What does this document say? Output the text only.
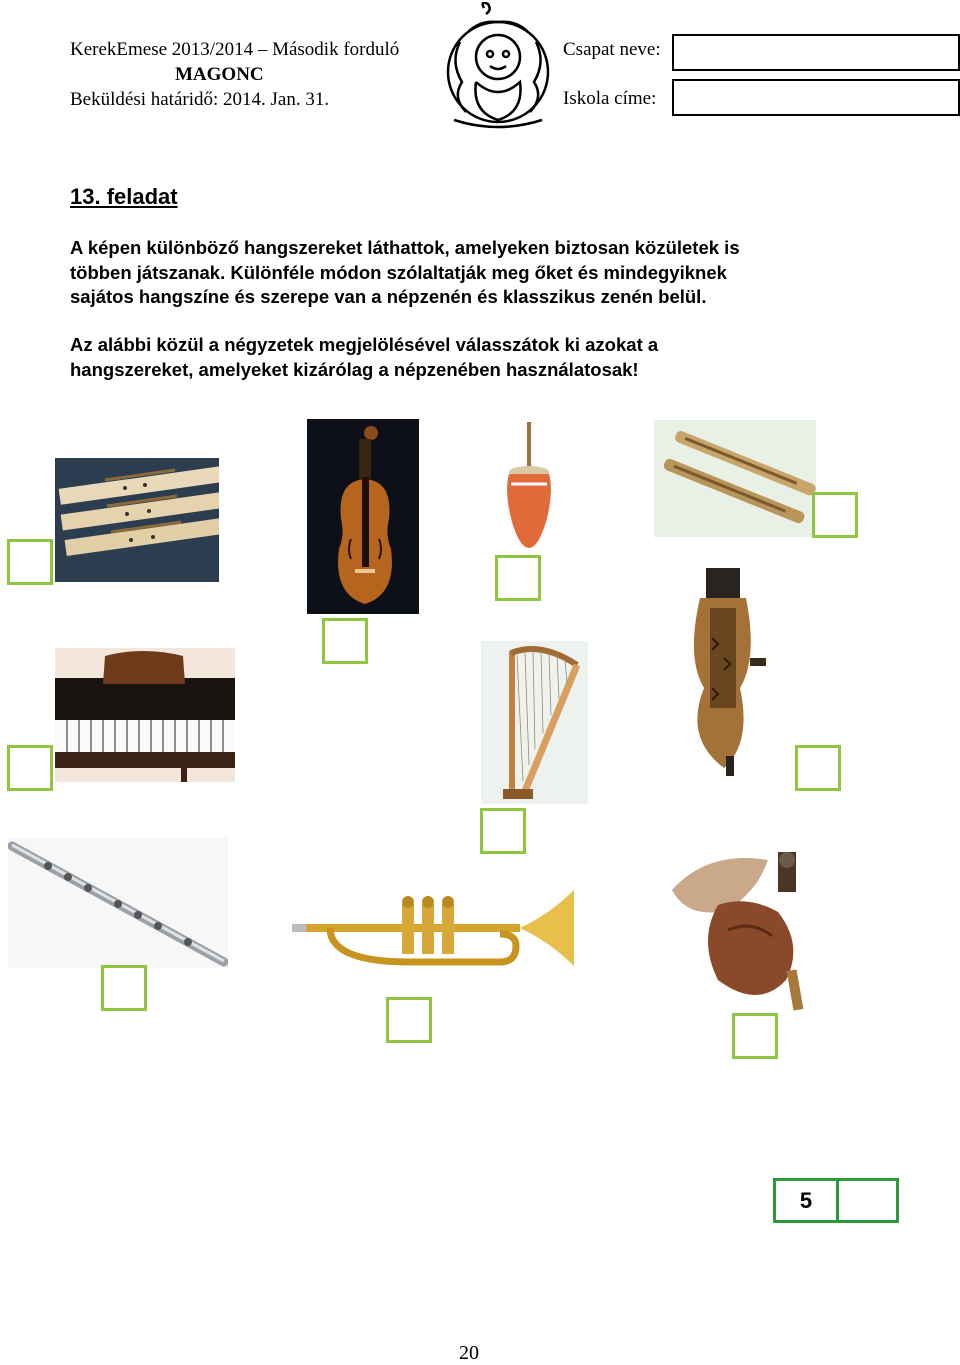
KerekEmese 2013/2014 – Második forduló
MAGONC
Beküldési határidő: 2014. Jan. 31.
Csapat neve:
Iskola címe:
13. feladat
A képen különböző hangszereket láthattok, amelyeken biztosan közületek is
többen játszanak. Különféle módon szólaltatják meg őket és mindegyiknek
sajátos hangszíne és szerepe van a népzenén és klasszikus zenén belül.
Az alábbi közül a négyzetek megjelölésével válasszátok ki azokat a
hangszereket, amelyeket kizárólag a népzenében használatosak!
5
20
